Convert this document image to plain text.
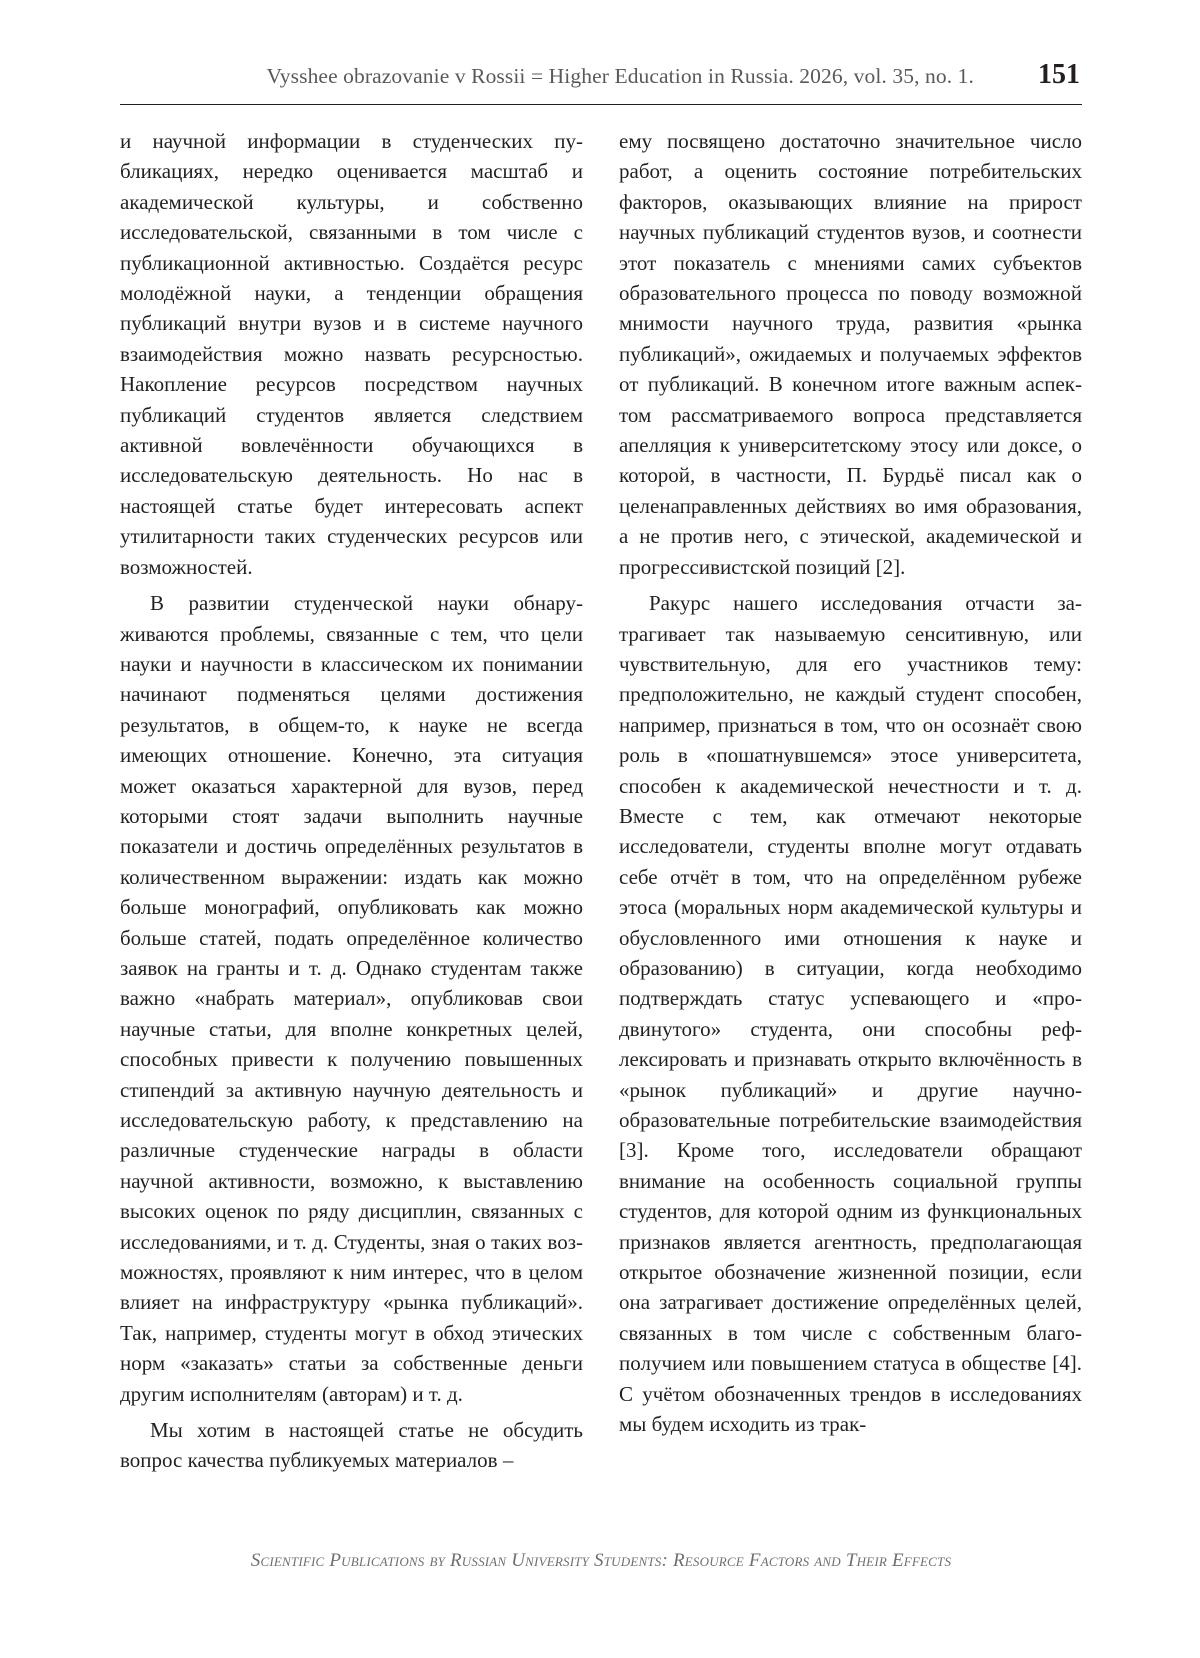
Vysshee obrazovanie v Rossii = Higher Education in Russia. 2026, vol. 35, no. 1. 151

и научной информации в студенческих публикациях, нередко оценивается масштаб и академической культуры, и собственно исследовательской, связанными в том числе с публикационной активностью. Создаётся ресурс молодёжной науки, а тенденции обращения публикаций внутри вузов и в системе научного взаимодействия можно назвать ресурсностью. Накопление ресурсов посредством научных публикаций студентов является следствием активной вовлечённости обучающихся в исследовательскую деятельность. Но нас в настоящей статье будет интересовать аспект утилитарности таких студенческих ресурсов или возможностей.

В развитии студенческой науки обнаруживаются проблемы, связанные с тем, что цели науки и научности в классическом их понимании начинают подменяться целями достижения результатов, в общем-то, к науке не всегда имеющих отношение. Конечно, эта ситуация может оказаться характерной для вузов, перед которыми стоят задачи выполнить научные показатели и достичь определённых результатов в количественном выражении: издать как можно больше монографий, опубликовать как можно больше статей, подать определённое количество заявок на гранты и т. д. Однако студентам также важно «набрать материал», опубликовав свои научные статьи, для вполне конкретных целей, способных привести к получению повышенных стипендий за активную научную деятельность и исследовательскую работу, к представлению на различные студенческие награды в области научной активности, возможно, к выставлению высоких оценок по ряду дисциплин, связанных с исследованиями, и т. д. Студенты, зная о таких возможностях, проявляют к ним интерес, что в целом влияет на инфраструктуру «рынка публикаций». Так, например, студенты могут в обход этических норм «заказать» статьи за собственные деньги другим исполнителям (авторам) и т. д.

Мы хотим в настоящей статье не обсудить вопрос качества публикуемых материалов –

ему посвящено достаточно значительное число работ, а оценить состояние потребительских факторов, оказывающих влияние на прирост научных публикаций студентов вузов, и соотнести этот показатель с мнениями самих субъектов образовательного процесса по поводу возможной мнимости научного труда, развития «рынка публикаций», ожидаемых и получаемых эффектов от публикаций. В конечном итоге важным аспектом рассматриваемого вопроса представляется апелляция к университетскому этосу или доксе, о которой, в частности, П. Бурдьё писал как о целенаправленных действиях во имя образования, а не против него, с этической, академической и прогрессивистской позиций [2].

Ракурс нашего исследования отчасти затрагивает так называемую сенситивную, или чувствительную, для его участников тему: предположительно, не каждый студент способен, например, признаться в том, что он осознаёт свою роль в «пошатнувшемся» этосе университета, способен к академической нечестности и т. д. Вместе с тем, как отмечают некоторые исследователи, студенты вполне могут отдавать себе отчёт в том, что на определённом рубеже этоса (моральных норм академической культуры и обусловленного ими отношения к науке и образованию) в ситуации, когда необходимо подтверждать статус успевающего и «продвинутого» студента, они способны рефлексировать и признавать открыто включённость в «рынок публикаций» и другие научно-образовательные потребительские взаимодействия [3]. Кроме того, исследователи обращают внимание на особенность социальной группы студентов, для которой одним из функциональных признаков является агентность, предполагающая открытое обозначение жизненной позиции, если она затрагивает достижение определённых целей, связанных в том числе с собственным благополучием или повышением статуса в обществе [4]. С учётом обозначенных трендов в исследованиях мы будем исходить из трак-

Scientific Publications by Russian University Students: Resource Factors and Their Effects
